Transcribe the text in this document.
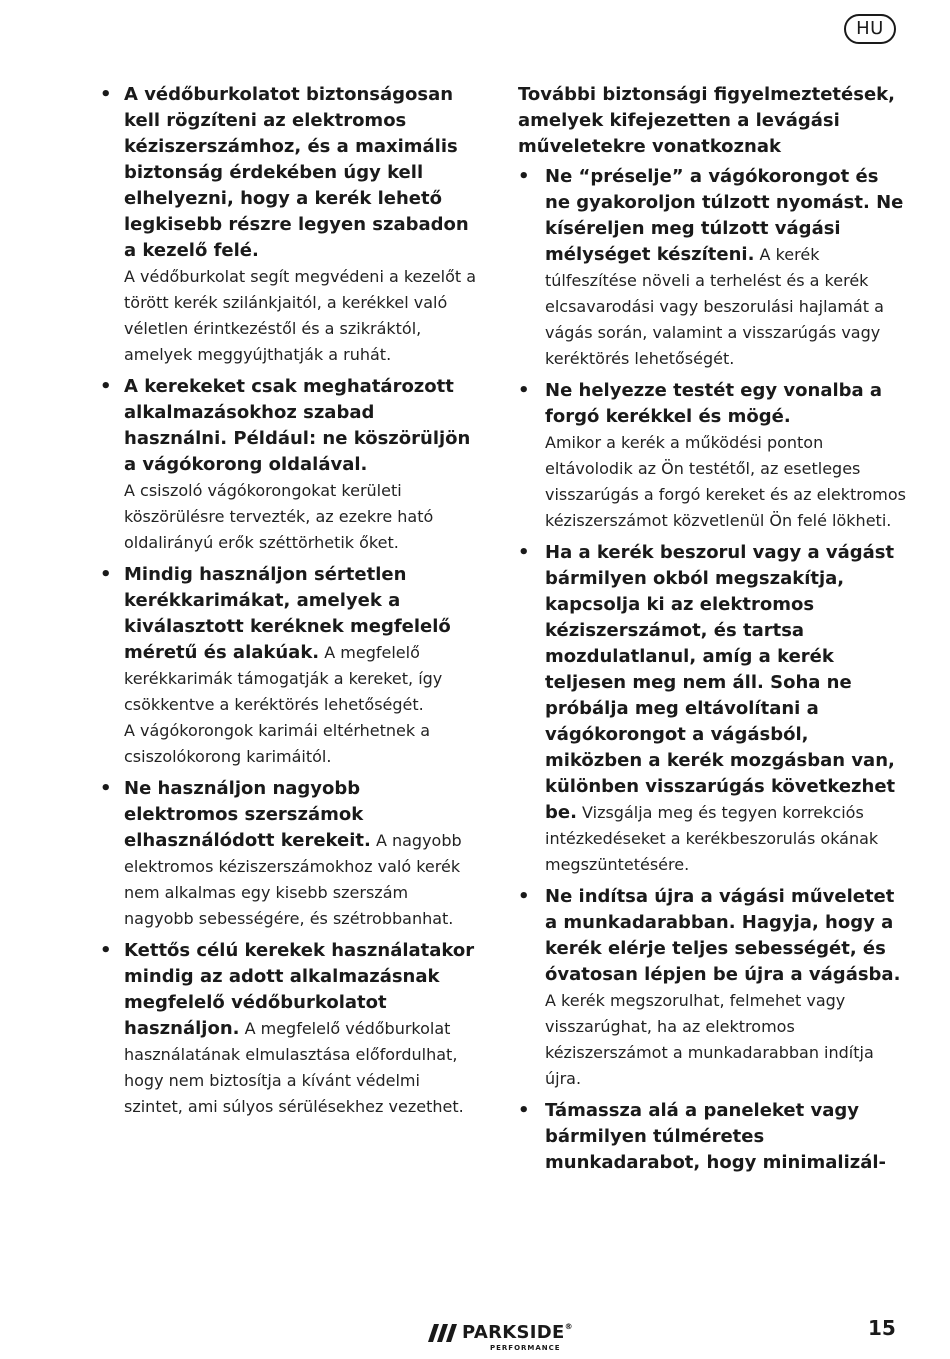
HU
• A védőburkolatot biztonságosan kell rögzíteni az elektromos kéziszerszámhoz, és a maximális biztonság érdekében úgy kell elhelyezni, hogy a kerék lehető legkisebb részre legyen szabadon a kezelő felé.

A védőburkolat segít megvédeni a kezelőt a törött kerék szilánkjaitól, a kerékkel való véletlen érintkezéstől és a szikráktól, amelyek meggyújthatják a ruhát.

• A kerekeket csak meghatározott alkalmazásokhoz szabad használni. Például: ne köszörüljön a vágókorong oldalával.

A csiszoló vágókorongokat kerületi köszörülésre tervezték, az ezekre ható oldalirányú erők széttörhetik őket.

• Mindig használjon sértetlen kerékkarimákat, amelyek a kiválasztott keréknek megfelelő méretű és alakúak. A megfelelő kerékkarimák támogatják a kereket, így csökkentve a keréktörés lehetőségét.

A vágókorongok karimái eltérhetnek a csiszolókorong karimáitól.

• Ne használjon nagyobb elektromos szerszámok elhasználódott kerekeit. A nagyobb elektromos kéziszerszámokhoz való kerék nem alkalmas egy kisebb szerszám nagyobb sebességére, és szétrobbanhat.
• Kettős célú kerekek használatakor mindig az adott alkalmazásnak megfelelő védőburkolatot használjon. A megfelelő védőburkolat használatának elmulasztása előfordulhat, hogy nem biztosítja a kívánt védelmi szintet, ami súlyos sérülésekhez vezethet.

További biztonsági figyelmeztetések, amelyek kifejezetten a levágási műveletekre vonatkoznak

• Ne “préselje” a vágókorongot és ne gyakoroljon túlzott nyomást. Ne kíséreljen meg túlzott vágási mélységet készíteni. A kerék túlfeszítése növeli a terhelést és a kerék elcsavarodási vagy beszorulási hajlamát a vágás során, valamint a visszarúgás vagy keréktörés lehetőségét.
• Ne helyezze testét egy vonalba a forgó kerékkel és mögé.

Amikor a kerék a működési ponton eltávolodik az Ön testétől, az esetleges visszarúgás a forgó kereket és az elektromos kéziszerszámot közvetlenül Ön felé lökheti.

• Ha a kerék beszorul vagy a vágást bármilyen okból megszakítja, kapcsolja ki az elektromos kéziszerszámot, és tartsa mozdulatlanul, amíg a kerék teljesen meg nem áll. Soha ne próbálja meg eltávolítani a vágókorongot a vágásból, miközben a kerék mozgásban van, különben visszarúgás következhet be. Vizsgálja meg és tegyen korrekciós intézkedéseket a kerékbeszorulás okának megszüntetésére.
• Ne indítsa újra a vágási műveletet a munkadarabban. Hagyja, hogy a kerék elérje teljes sebességét, és óvatosan lépjen be újra a vágásba. A kerék megszorulhat, felmehet vagy visszarúghat, ha az elektromos kéziszerszámot a munkadarabban indítja újra.
• Támassza alá a paneleket vagy bármilyen túlméretes munkadarabot, hogy minimalizál-
PARKSIDE®
PERFORMANCE
15
